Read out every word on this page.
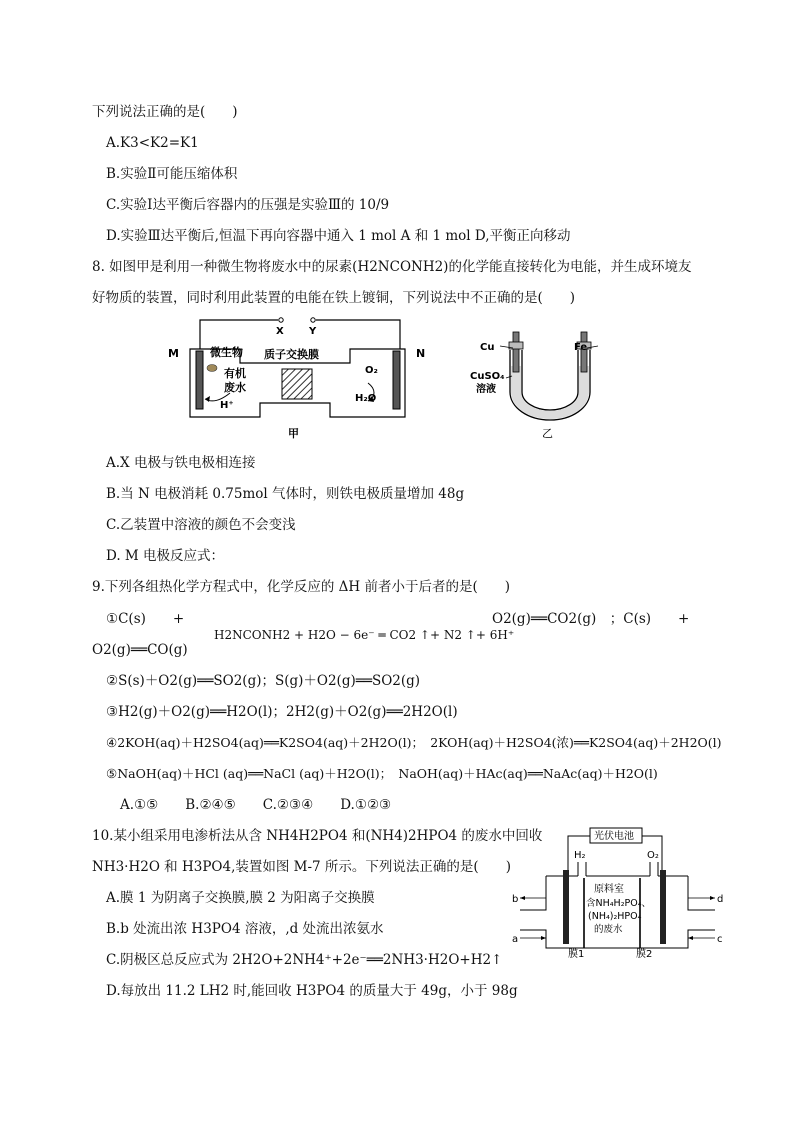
下列说法正确的是(　　)
A.K3<K2=K1
B.实验Ⅱ可能压缩体积
C.实验Ⅰ达平衡后容器内的压强是实验Ⅲ的 10/9
D.实验Ⅲ达平衡后,恒温下再向容器中通入 1 mol A 和 1 mol D,平衡正向移动
8. 如图甲是利用一种微生物将废水中的尿素(H2NCONH2)的化学能直接转化为电能，并生成环境友
好物质的装置，同时利用此装置的电能在铁上镀铜，下列说法中不正确的是(　　)
M	N
X	Y
微生物
有机
废水
H⁺
质子交换膜
O₂
H₂O
甲
Cu	Fe
CuSO₄
溶液
乙
A.X 电极与铁电极相连接
B.当 N 电极消耗 0.75mol 气体时，则铁电极质量增加 48g
C.乙装置中溶液的颜色不会变浅
D. M 电极反应式：
9.下列各组热化学方程式中，化学反应的 ΔH 前者小于后者的是(　　)
①C(s)　　+	O2(g)══CO2(g)　；C(s)　　+
H2NCONH2 + H2O − 6e⁻ ═ CO2 ↑+ N2 ↑+ 6H⁺
O2(g)══CO(g)
②S(s)＋O2(g)══SO2(g)；S(g)＋O2(g)══SO2(g)
③H2(g)＋O2(g)══H2O(l)；2H2(g)＋O2(g)══2H2O(l)
④2KOH(aq)＋H2SO4(aq)══K2SO4(aq)＋2H2O(l)；　2KOH(aq)＋H2SO4(浓)══K2SO4(aq)＋2H2O(l)
⑤NaOH(aq)＋HCl (aq)══NaCl (aq)＋H2O(l)；　NaOH(aq)＋HAc(aq)══NaAc(aq)＋H2O(l)
A.①⑤　　B.②④⑤　　C.②③④　　D.①②③
10.某小组采用电渗析法从含 NH4H2PO4 和(NH4)2HPO4 的废水中回收
NH3·H2O 和 H3PO4,装置如图 M-7 所示。下列说法正确的是(　　)
A.膜 1 为阴离子交换膜,膜 2 为阳离子交换膜
B.b 处流出浓 H3PO4 溶液，,d 处流出浓氨水
C.阴极区总反应式为 2H2O+2NH4⁺+2e⁻══2NH3·H2O+H2↑
D.每放出 11.2 LH2 时,能回收 H3PO4 的质量大于 49g，小于 98g
光伏电池
H₂	O₂
原料室
含NH₄H₂PO₄、
(NH₄)₂HPO₄
的废水
膜1	膜2
b
a
d
c
